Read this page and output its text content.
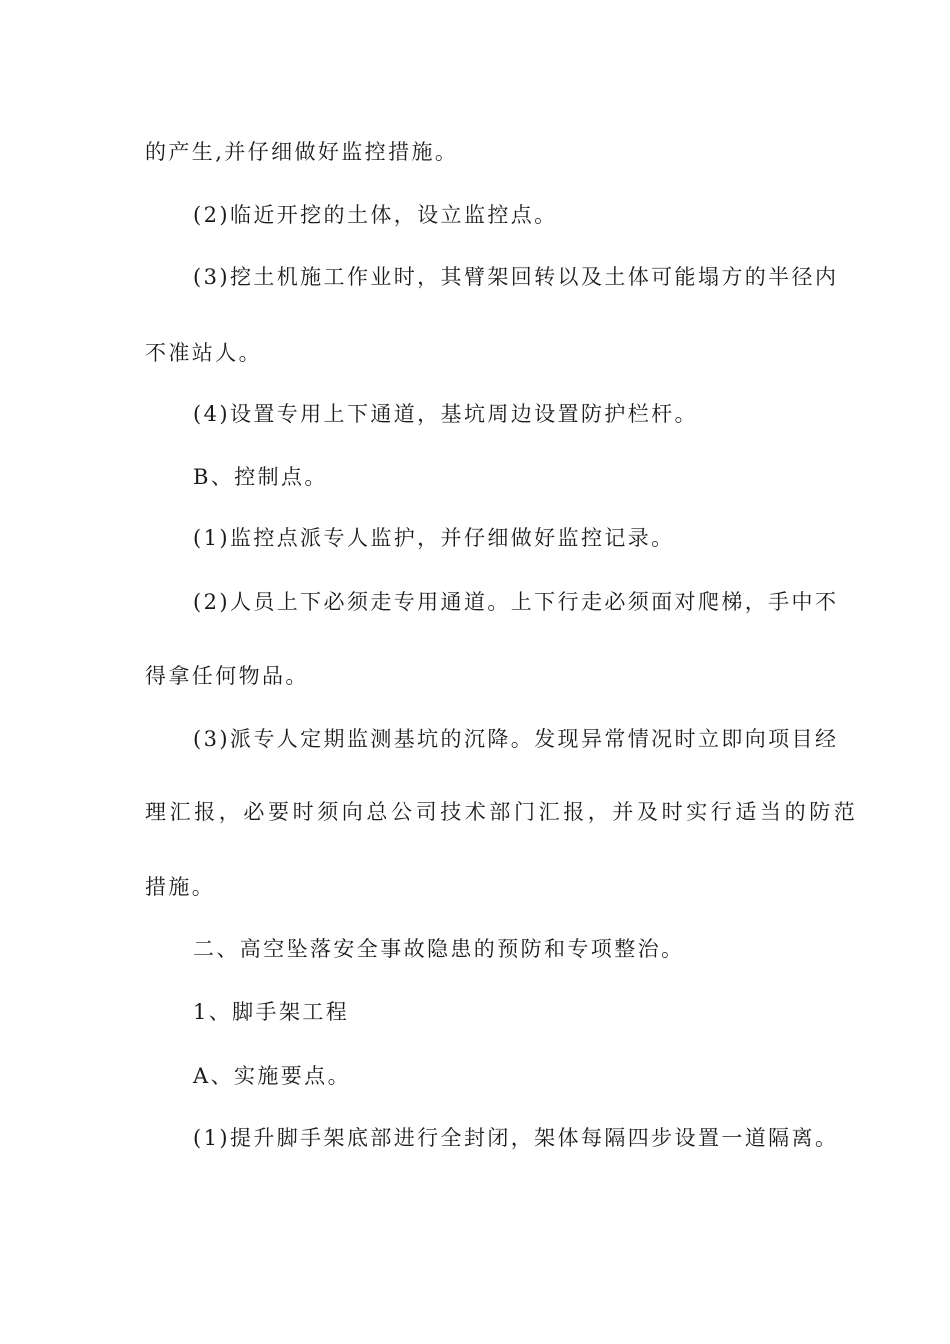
的产生,并仔细做好监控措施。
(2)临近开挖的土体，设立监控点。
(3)挖土机施工作业时，其臂架回转以及土体可能塌方的半径内
不准站人。
(4)设置专用上下通道，基坑周边设置防护栏杆。
B、控制点。
(1)监控点派专人监护，并仔细做好监控记录。
(2)人员上下必须走专用通道。上下行走必须面对爬梯，手中不
得拿任何物品。
(3)派专人定期监测基坑的沉降。发现异常情况时立即向项目经
理汇报，必要时须向总公司技术部门汇报，并及时实行适当的防范
措施。
二、高空坠落安全事故隐患的预防和专项整治。
1、脚手架工程
A、实施要点。
(1)提升脚手架底部进行全封闭，架体每隔四步设置一道隔离。
